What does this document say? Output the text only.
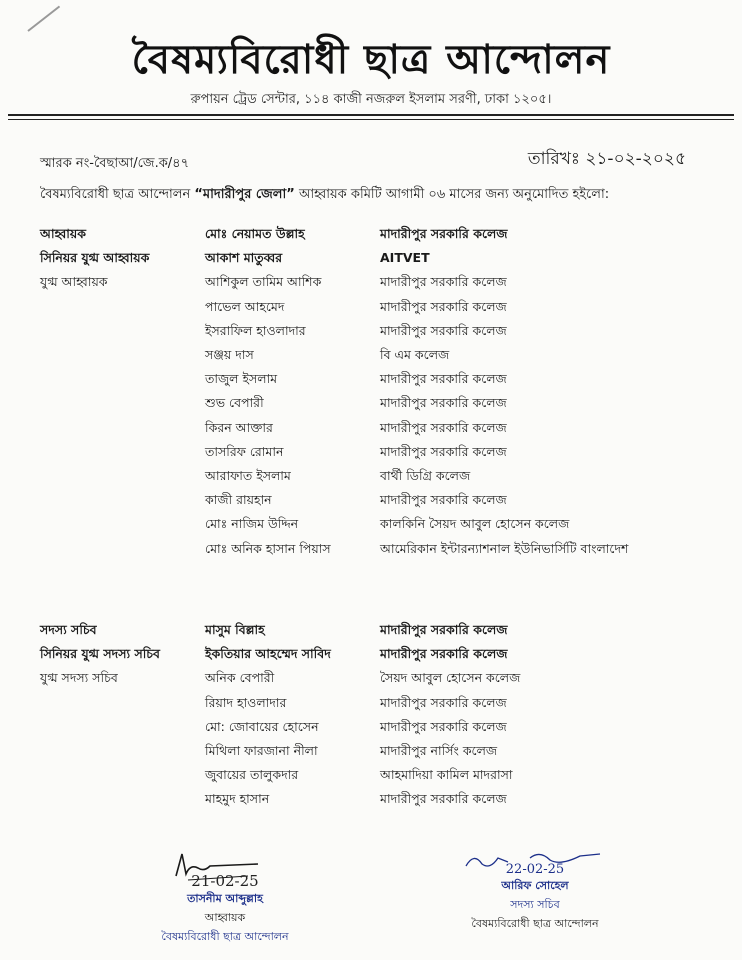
বৈষম্যবিরোধী ছাত্র আন্দোলন
রুপায়ন ট্রেড সেন্টার, ১১৪ কাজী নজরুল ইসলাম সরণী, ঢাকা ১২০৫।
স্মারক নং-বৈছাআ/জে.ক/৪৭	তারিখঃ ২১-০২-২০২৫
বৈষম্যবিরোধী ছাত্র আন্দোলন “মাদারীপুর জেলা” আহ্বায়ক কমিটি আগামী ০৬ মাসের জন্য অনুমোদিত হইলো:
আহ্বায়ক	মোঃ নেয়ামত উল্লাহ	মাদারীপুর সরকারি কলেজ
সিনিয়র যুগ্ম আহ্বায়ক	আকাশ মাতুব্বর	AITVET
যুগ্ম আহ্বায়ক	আশিকুল তামিম আশিক	মাদারীপুর সরকারি কলেজ
পাভেল আহমেদ	মাদারীপুর সরকারি কলেজ
ইসরাফিল হাওলাদার	মাদারীপুর সরকারি কলেজ
সঞ্জয় দাস	বি এম কলেজ
তাজুল ইসলাম	মাদারীপুর সরকারি কলেজ
শুভ বেপারী	মাদারীপুর সরকারি কলেজ
কিরন আক্তার	মাদারীপুর সরকারি কলেজ
তাসরিফ রোমান	মাদারীপুর সরকারি কলেজ
আরাফাত ইসলাম	বার্থী ডিগ্রি কলেজ
কাজী রায়হান	মাদারীপুর সরকারি কলেজ
মোঃ নাজিম উদ্দিন	কালকিনি সৈয়দ আবুল হোসেন কলেজ
মোঃ অনিক হাসান পিয়াস	আমেরিকান ইন্টারন্যাশনাল ইউনিভার্সিটি বাংলাদেশ
সদস্য সচিব	মাসুম বিল্লাহ	মাদারীপুর সরকারি কলেজ
সিনিয়র যুগ্ম সদস্য সচিব	ইকতিয়ার আহম্মেদ সাবিদ	মাদারীপুর সরকারি কলেজ
যুগ্ম সদস্য সচিব	অনিক বেপারী	সৈয়দ আবুল হোসেন কলেজ
রিয়াদ হাওলাদার	মাদারীপুর সরকারি কলেজ
মো: জোবায়ের হোসেন	মাদারীপুর সরকারি কলেজ
মিথিলা ফারজানা নীলা	মাদারীপুর নার্সিং কলেজ
জুবায়ের তালুকদার	আহমাদিয়া কামিল মাদরাসা
মাহমুদ হাসান	মাদারীপুর সরকারি কলেজ
21-02-25
তাসনীম আব্দুল্লাহ
আহ্বায়ক
বৈষম্যবিরোধী ছাত্র আন্দোলন
22-02-25
আরিফ সোহেল
সদস্য সচিব
বৈষম্যবিরোধী ছাত্র আন্দোলন
